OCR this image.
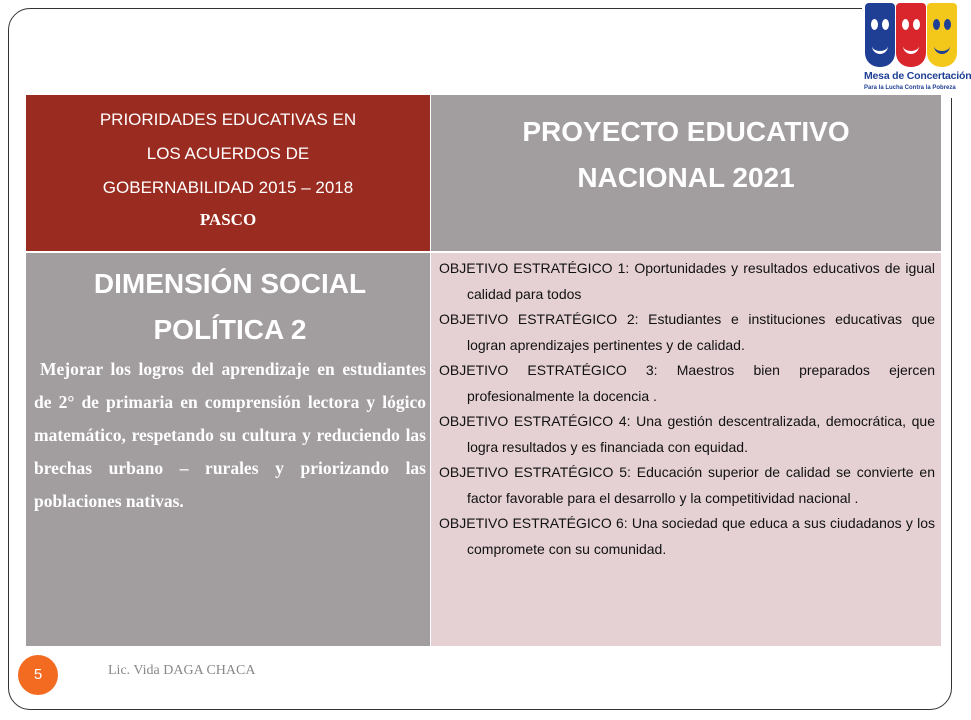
Mesa de Concertación
Para la Lucha Contra la Pobreza
PRIORIDADES EDUCATIVAS EN
LOS ACUERDOS DE
GOBERNABILIDAD 2015 – 2018
PASCO
PROYECTO EDUCATIVO
NACIONAL 2021
DIMENSIÓN SOCIAL
POLÍTICA 2
Mejorar los logros del aprendizaje en estudiantes de 2° de primaria en comprensión lectora y lógico matemático, respetando su cultura y reduciendo las brechas urbano – rurales y priorizando las poblaciones nativas.

OBJETIVO ESTRATÉGICO 1: Oportunidades y resultados educativos de igual calidad para todos

OBJETIVO ESTRATÉGICO 2: Estudiantes e instituciones educativas que logran aprendizajes pertinentes y de calidad.

OBJETIVO ESTRATÉGICO 3: Maestros bien preparados ejercen profesionalmente la docencia .

OBJETIVO ESTRATÉGICO 4: Una gestión descentralizada, democrática, que logra resultados y es financiada con equidad.

OBJETIVO ESTRATÉGICO 5: Educación superior de calidad se convierte en factor favorable para el desarrollo y la competitividad nacional .

OBJETIVO ESTRATÉGICO 6: Una sociedad que educa a sus ciudadanos y los compromete con su comunidad.

5	Lic. Vida DAGA CHACA
